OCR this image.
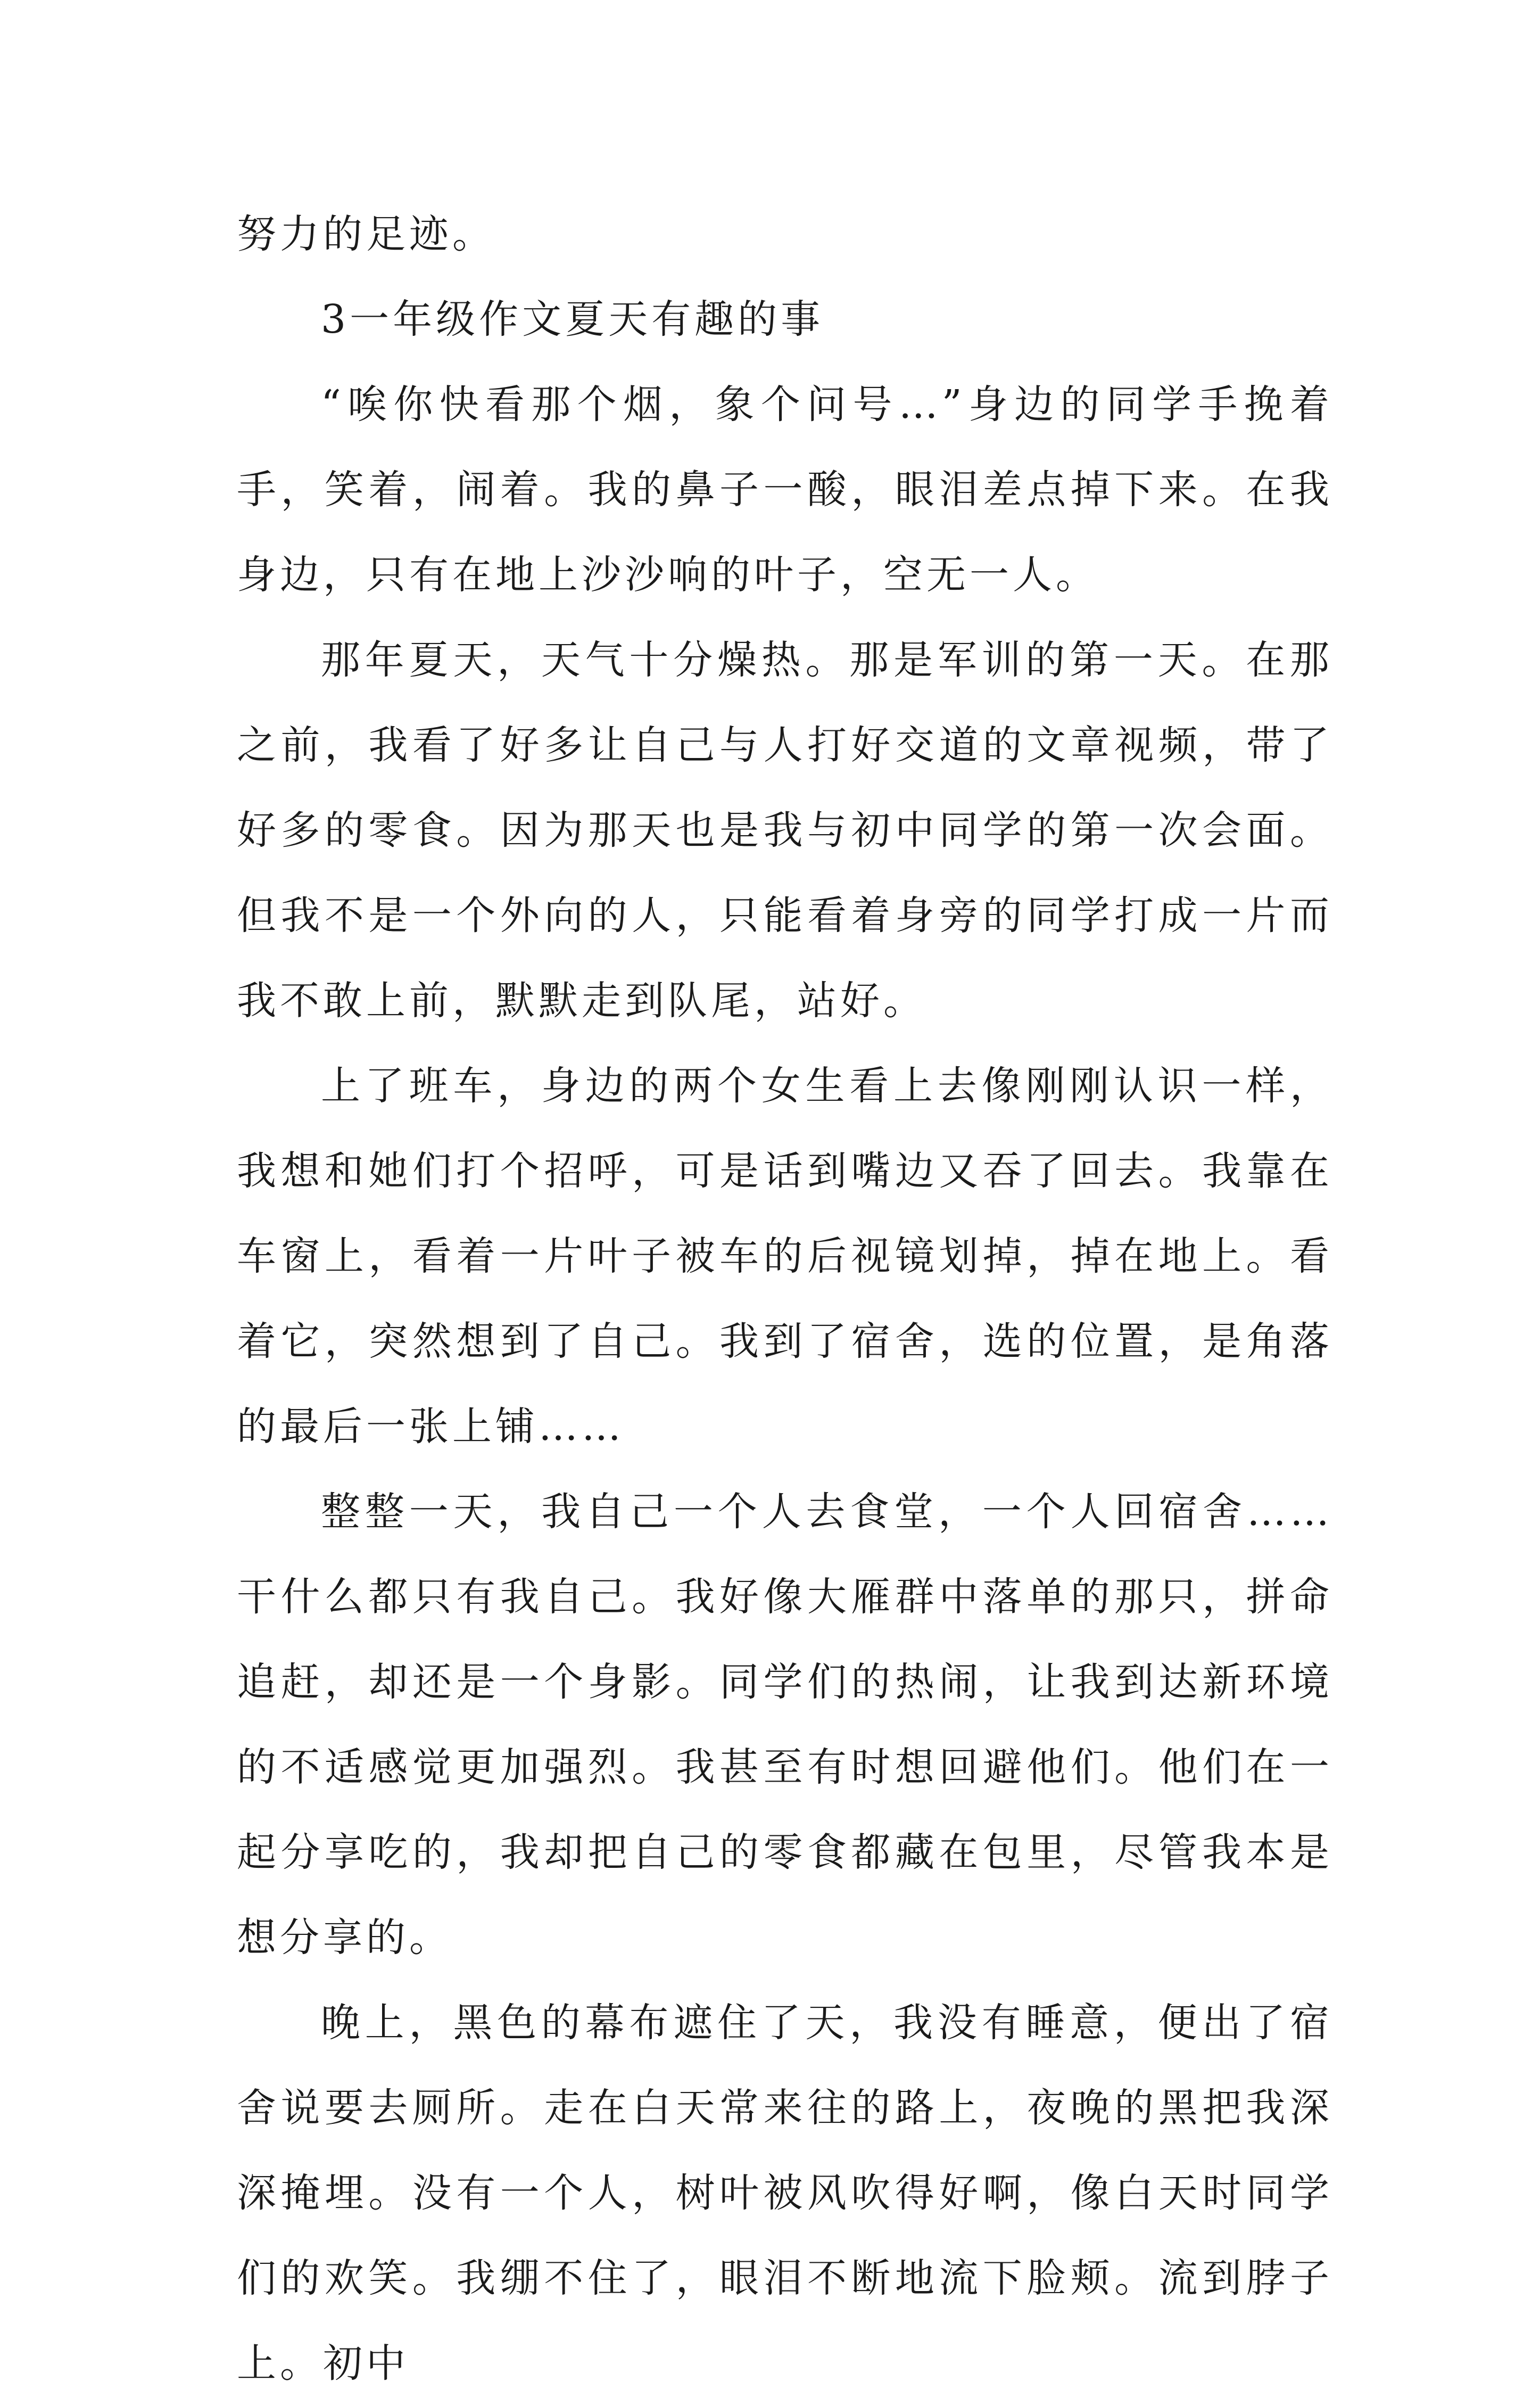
努力的足迹。

3一年级作文夏天有趣的事

“唉你快看那个烟，象个问号…”身边的同学手挽着手，笑着，闹着。我的鼻子一酸，眼泪差点掉下来。在我身边，只有在地上沙沙响的叶子，空无一人。

那年夏天，天气十分燥热。那是军训的第一天。在那之前，我看了好多让自己与人打好交道的文章视频，带了好多的零食。因为那天也是我与初中同学的第一次会面。但我不是一个外向的人，只能看着身旁的同学打成一片而我不敢上前，默默走到队尾，站好。

上了班车，身边的两个女生看上去像刚刚认识一样，我想和她们打个招呼，可是话到嘴边又吞了回去。我靠在车窗上，看着一片叶子被车的后视镜划掉，掉在地上。看着它，突然想到了自己。我到了宿舍，选的位置，是角落的最后一张上铺……

整整一天，我自己一个人去食堂，一个人回宿舍……干什么都只有我自己。我好像大雁群中落单的那只，拼命追赶，却还是一个身影。同学们的热闹，让我到达新环境的不适感觉更加强烈。我甚至有时想回避他们。他们在一起分享吃的，我却把自己的零食都藏在包里，尽管我本是想分享的。

晚上，黑色的幕布遮住了天，我没有睡意，便出了宿舍说要去厕所。走在白天常来往的路上，夜晚的黑把我深深掩埋。没有一个人，树叶被风吹得好啊，像白天时同学们的欢笑。我绷不住了，眼泪不断地流下脸颊。流到脖子上。初中
